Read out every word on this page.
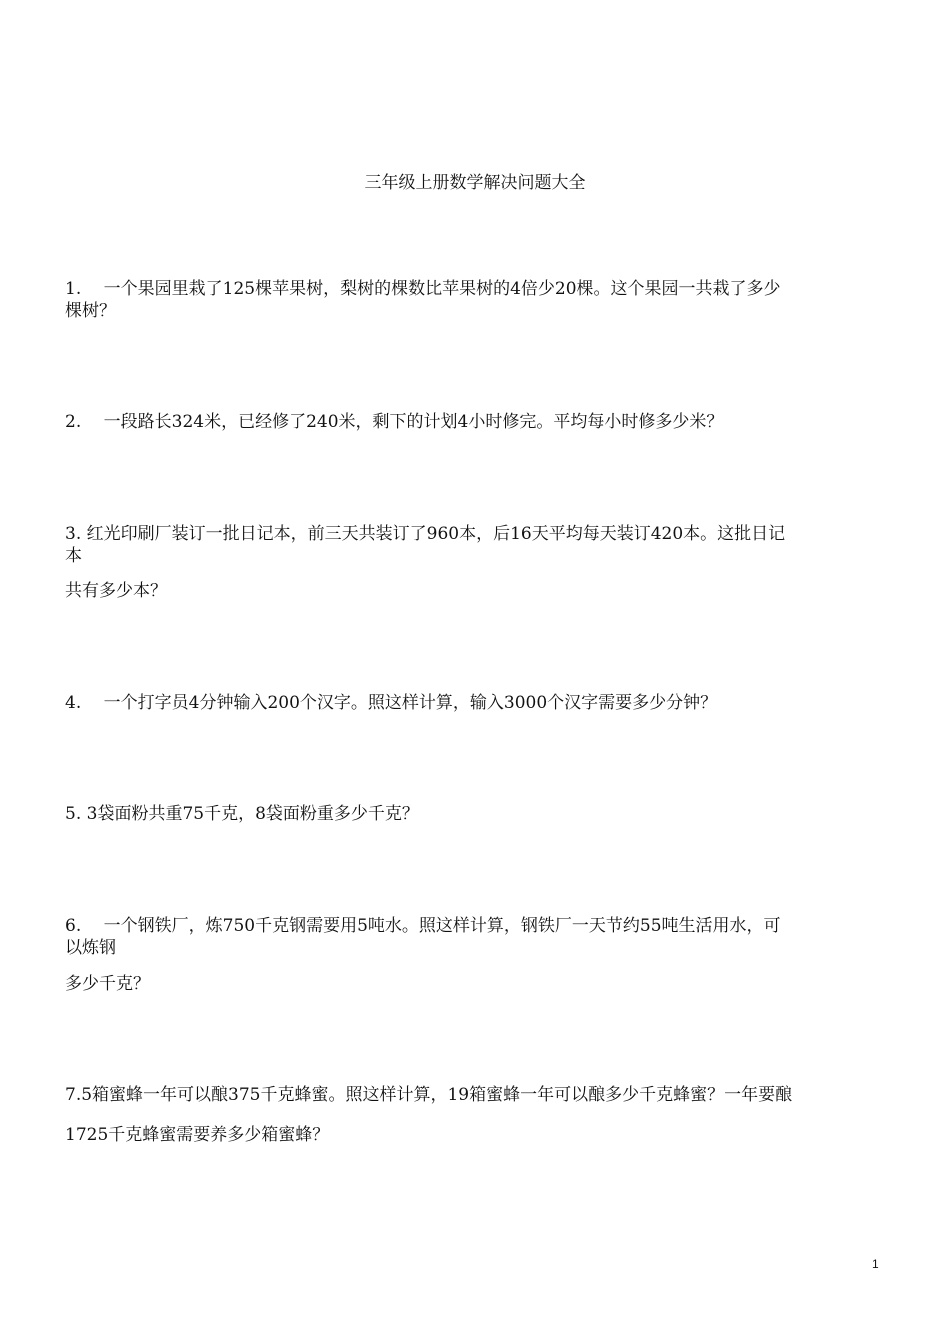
三年级上册数学解决问题大全
1.　 一个果园里栽了125棵苹果树，梨树的棵数比苹果树的4倍少20棵。这个果园一共栽了多少
棵树？
2.　 一段路长324米，已经修了240米，剩下的计划4小时修完。平均每小时修多少米？
3. 红光印刷厂装订一批日记本，前三天共装订了960本，后16天平均每天装订420本。这批日记
本
共有多少本？
4.　 一个打字员4分钟输入200个汉字。照这样计算，输入3000个汉字需要多少分钟？
5. 3袋面粉共重75千克，8袋面粉重多少千克？
6.　 一个钢铁厂，炼750千克钢需要用5吨水。照这样计算，钢铁厂一天节约55吨生活用水，可
以炼钢
多少千克？
7.5箱蜜蜂一年可以酿375千克蜂蜜。照这样计算，19箱蜜蜂一年可以酿多少千克蜂蜜？一年要酿
1725千克蜂蜜需要养多少箱蜜蜂？
1
